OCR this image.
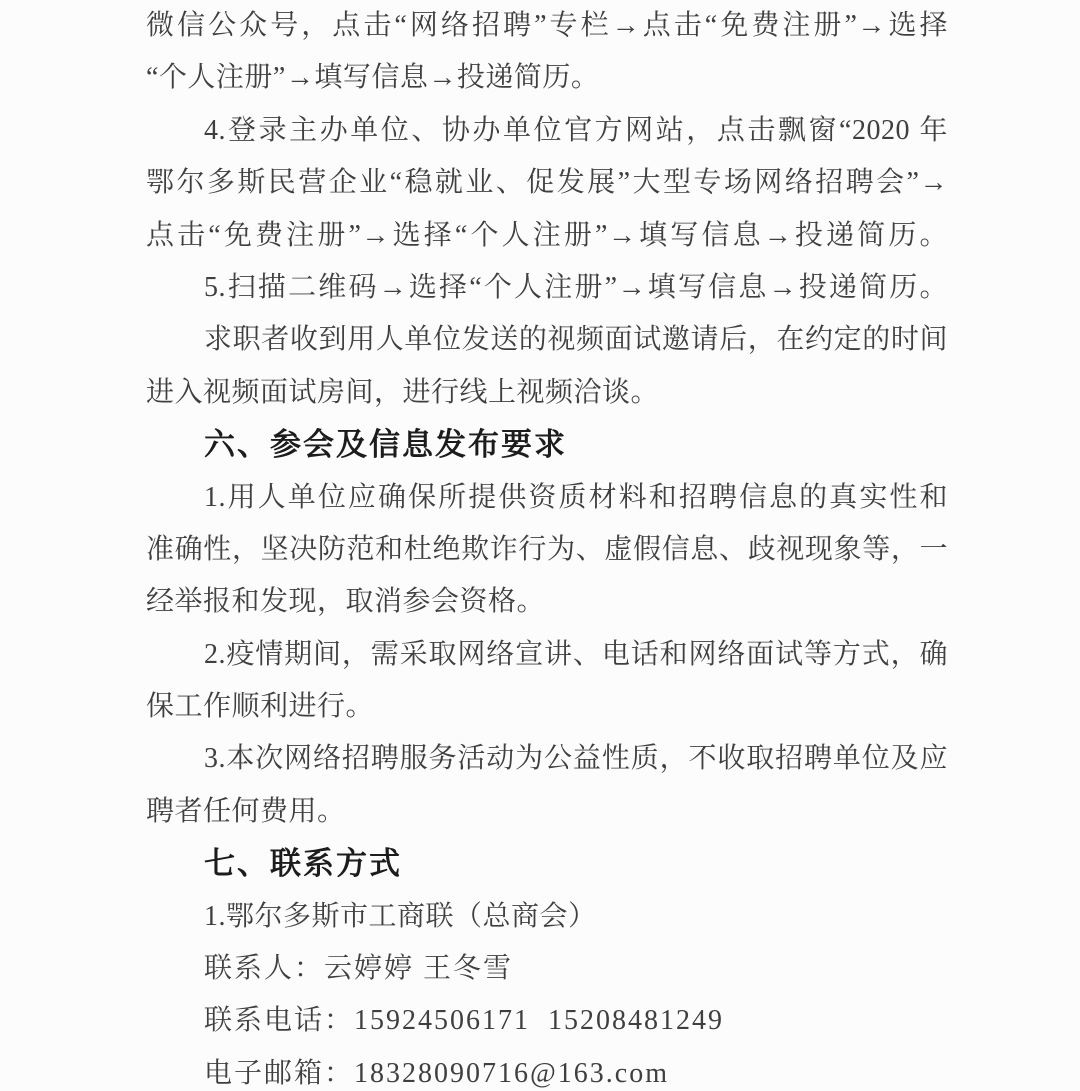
微信公众号，点击“网络招聘”专栏→点击“免费注册”→选择
“个人注册”→填写信息→投递简历。
4.登录主办单位、协办单位官方网站，点击飘窗“2020 年
鄂尔多斯民营企业“稳就业、促发展”大型专场网络招聘会”→
点击“免费注册”→选择“个人注册”→填写信息→投递简历。
5.扫描二维码→选择“个人注册”→填写信息→投递简历。
求职者收到用人单位发送的视频面试邀请后，在约定的时间
进入视频面试房间，进行线上视频洽谈。
六、参会及信息发布要求
1.用人单位应确保所提供资质材料和招聘信息的真实性和
准确性，坚决防范和杜绝欺诈行为、虚假信息、歧视现象等，一
经举报和发现，取消参会资格。
2.疫情期间，需采取网络宣讲、电话和网络面试等方式，确
保工作顺利进行。
3.本次网络招聘服务活动为公益性质，不收取招聘单位及应
聘者任何费用。
七、联系方式
1.鄂尔多斯市工商联（总商会）
联系人：云婷婷 王冬雪
联系电话：15924506171  15208481249
电子邮箱：18328090716@163.com
